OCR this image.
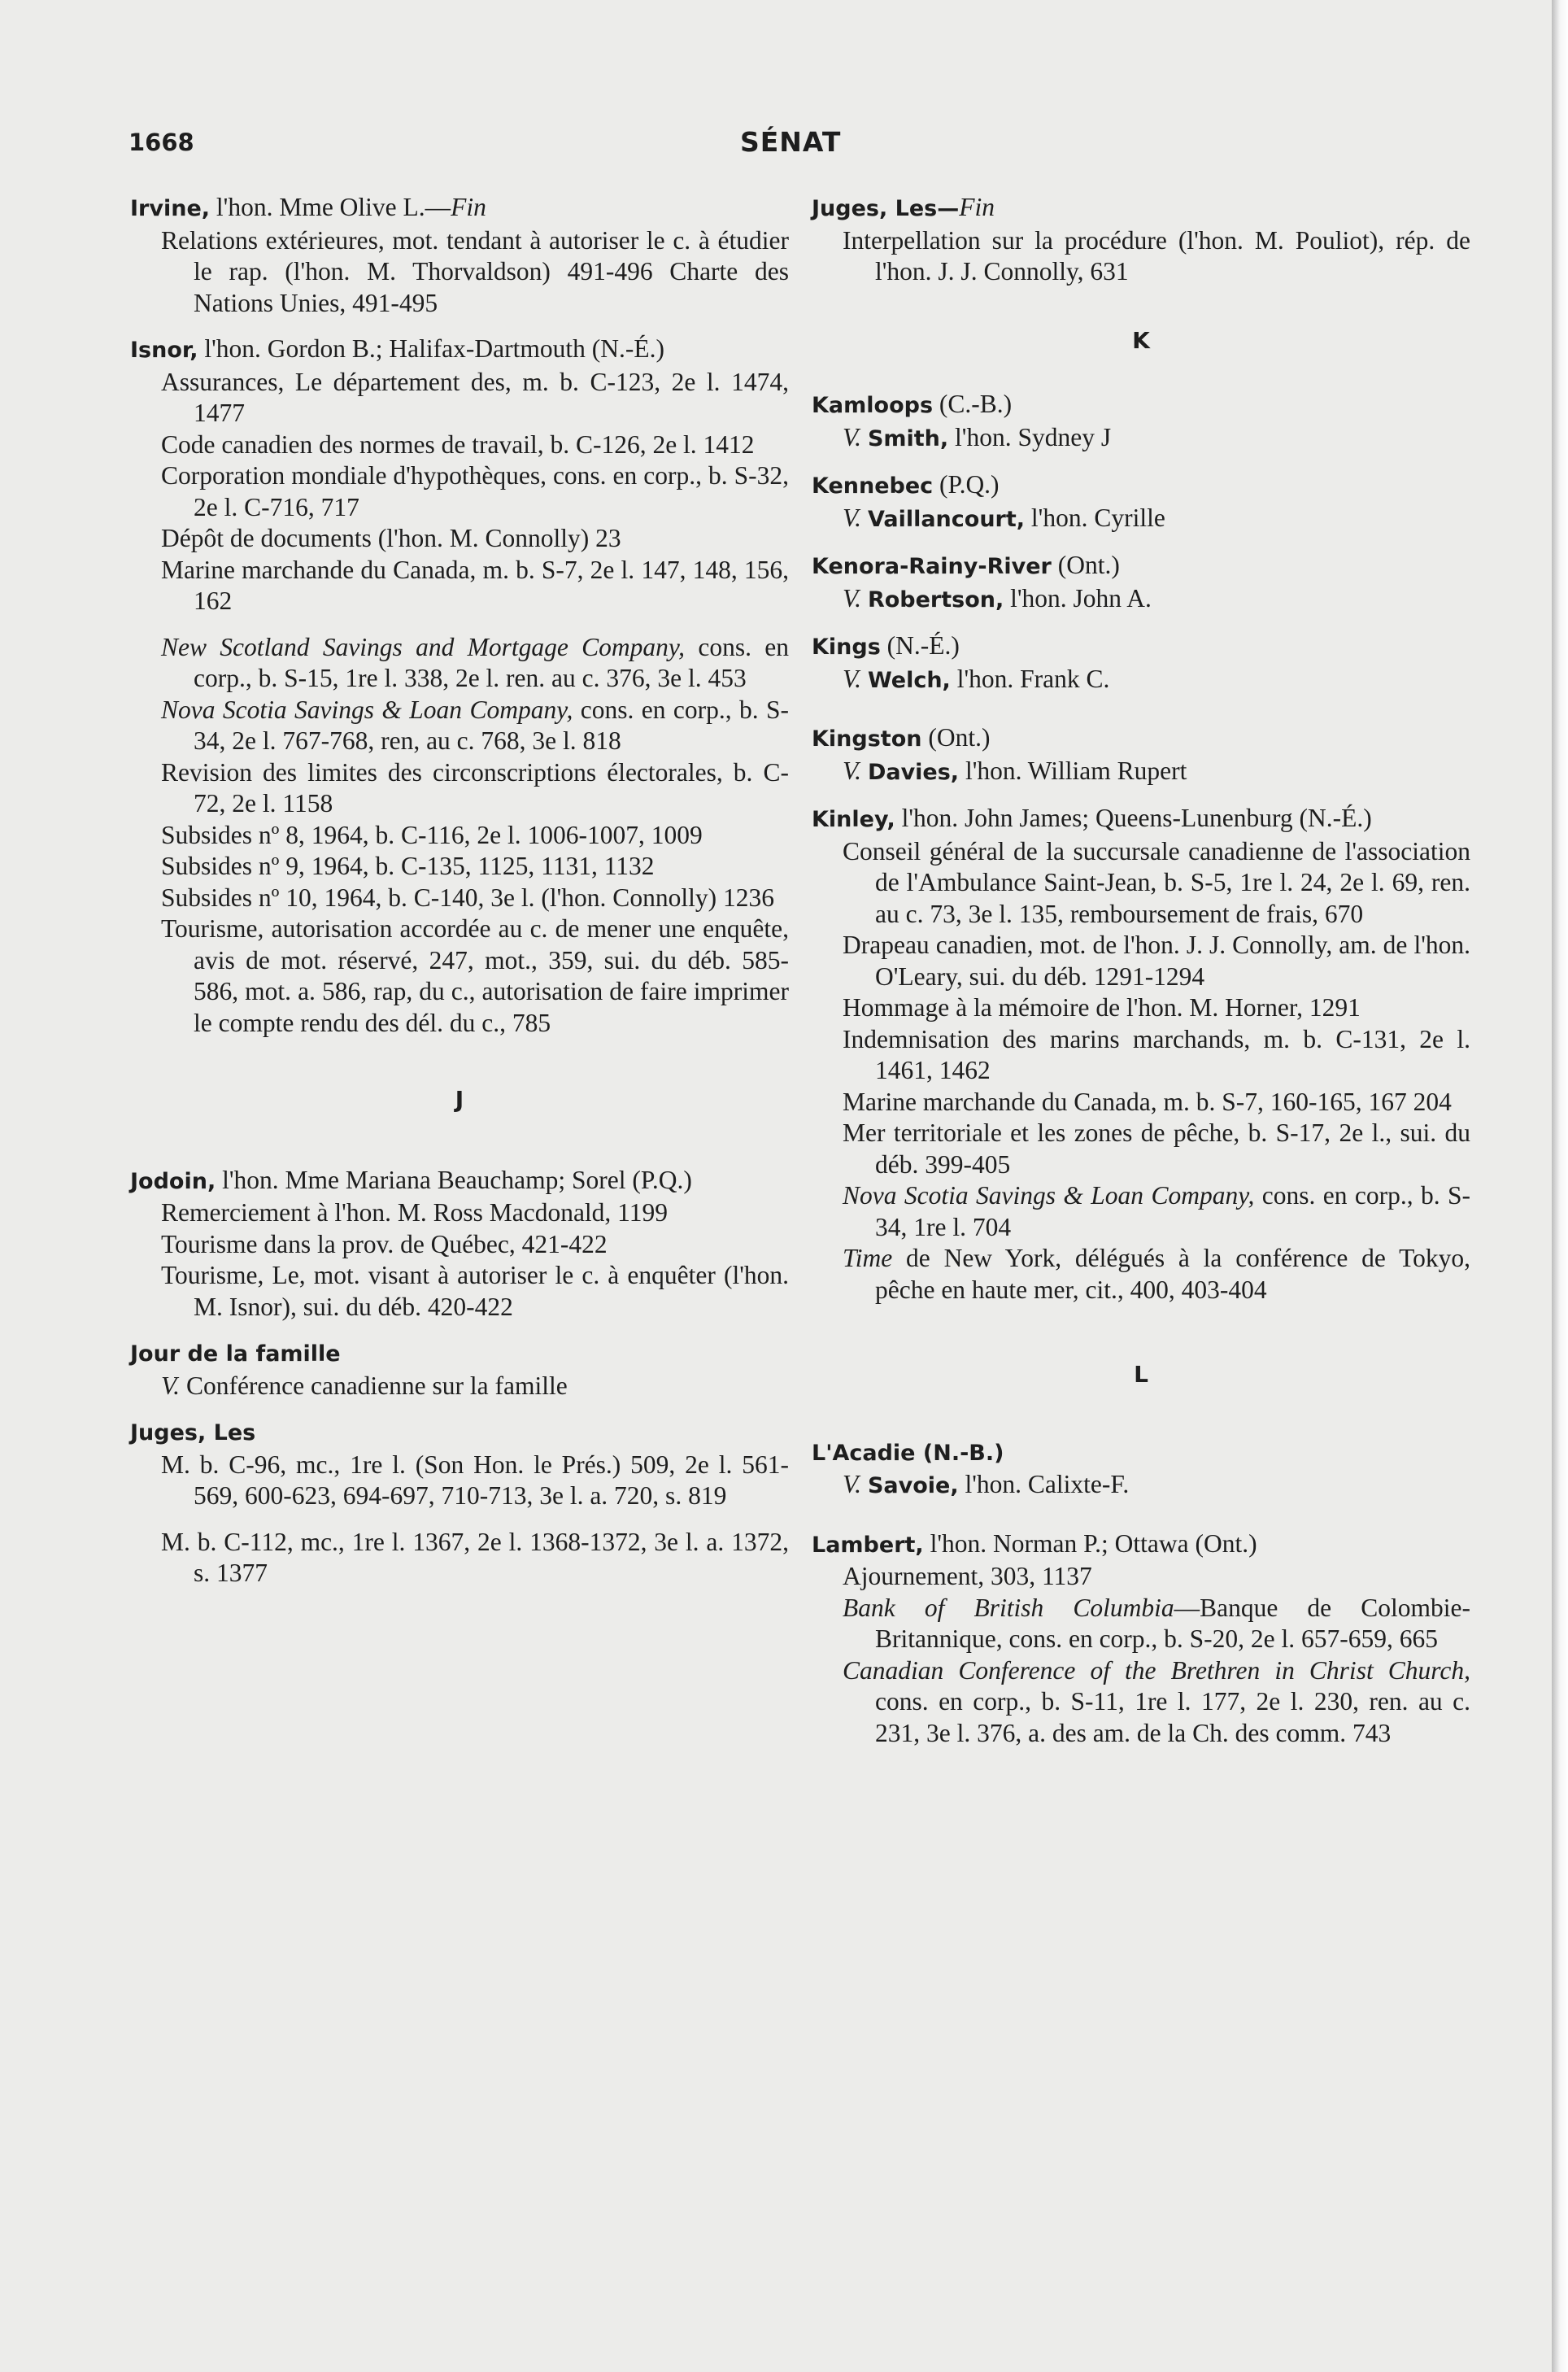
1668	SÉNAT
Irvine, l'hon. Mme Olive L.—Fin
Relations extérieures, mot. tendant à autoriser le c. à étudier le rap. (l'hon. M. Thorvaldson) 491-496 Charte des Nations Unies, 491-495
Isnor, l'hon. Gordon B.; Halifax-Dartmouth (N.-É.)
Assurances, Le département des, m. b. C-123, 2e l. 1474, 1477
Code canadien des normes de travail, b. C-126, 2e l. 1412
Corporation mondiale d'hypothèques, cons. en corp., b. S-32, 2e l. C-716, 717
Dépôt de documents (l'hon. M. Connolly) 23
Marine marchande du Canada, m. b. S-7, 2e l. 147, 148, 156, 162
New Scotland Savings and Mortgage Company, cons. en corp., b. S-15, 1re l. 338, 2e l. ren. au c. 376, 3e l. 453
Nova Scotia Savings & Loan Company, cons. en corp., b. S-34, 2e l. 767-768, ren, au c. 768, 3e l. 818
Revision des limites des circonscriptions électorales, b. C-72, 2e l. 1158
Subsides nº 8, 1964, b. C-116, 2e l. 1006-1007, 1009
Subsides nº 9, 1964, b. C-135, 1125, 1131, 1132
Subsides nº 10, 1964, b. C-140, 3e l. (l'hon. Connolly) 1236
Tourisme, autorisation accordée au c. de mener une enquête, avis de mot. réservé, 247, mot., 359, sui. du déb. 585-586, mot. a. 586, rap, du c., autorisation de faire imprimer le compte rendu des dél. du c., 785
J
Jodoin, l'hon. Mme Mariana Beauchamp; Sorel (P.Q.)
Remerciement à l'hon. M. Ross Macdonald, 1199
Tourisme dans la prov. de Québec, 421-422
Tourisme, Le, mot. visant à autoriser le c. à enquêter (l'hon. M. Isnor), sui. du déb. 420-422
Jour de la famille
V. Conférence canadienne sur la famille
Juges, Les
M. b. C-96, mc., 1re l. (Son Hon. le Prés.) 509, 2e l. 561-569, 600-623, 694-697, 710-713, 3e l. a. 720, s. 819
M. b. C-112, mc., 1re l. 1367, 2e l. 1368-1372, 3e l. a. 1372, s. 1377
Juges, Les—Fin
Interpellation sur la procédure (l'hon. M. Pouliot), rép. de l'hon. J. J. Connolly, 631
K
Kamloops (C.-B.)
V. Smith, l'hon. Sydney J
Kennebec (P.Q.)
V. Vaillancourt, l'hon. Cyrille
Kenora-Rainy-River (Ont.)
V. Robertson, l'hon. John A.
Kings (N.-É.)
V. Welch, l'hon. Frank C.
Kingston (Ont.)
V. Davies, l'hon. William Rupert
Kinley, l'hon. John James; Queens-Lunenburg (N.-É.)
Conseil général de la succursale canadienne de l'association de l'Ambulance Saint-Jean, b. S-5, 1re l. 24, 2e l. 69, ren. au c. 73, 3e l. 135, remboursement de frais, 670
Drapeau canadien, mot. de l'hon. J. J. Connolly, am. de l'hon. O'Leary, sui. du déb. 1291-1294
Hommage à la mémoire de l'hon. M. Horner, 1291
Indemnisation des marins marchands, m. b. C-131, 2e l. 1461, 1462
Marine marchande du Canada, m. b. S-7, 160-165, 167 204
Mer territoriale et les zones de pêche, b. S-17, 2e l., sui. du déb. 399-405
Nova Scotia Savings & Loan Company, cons. en corp., b. S-34, 1re l. 704
Time de New York, délégués à la conférence de Tokyo, pêche en haute mer, cit., 400, 403-404
L
L'Acadie (N.-B.)
V. Savoie, l'hon. Calixte-F.
Lambert, l'hon. Norman P.; Ottawa (Ont.)
Ajournement, 303, 1137
Bank of British Columbia—Banque de Colombie-Britannique, cons. en corp., b. S-20, 2e l. 657-659, 665
Canadian Conference of the Brethren in Christ Church, cons. en corp., b. S-11, 1re l. 177, 2e l. 230, ren. au c. 231, 3e l. 376, a. des am. de la Ch. des comm. 743
